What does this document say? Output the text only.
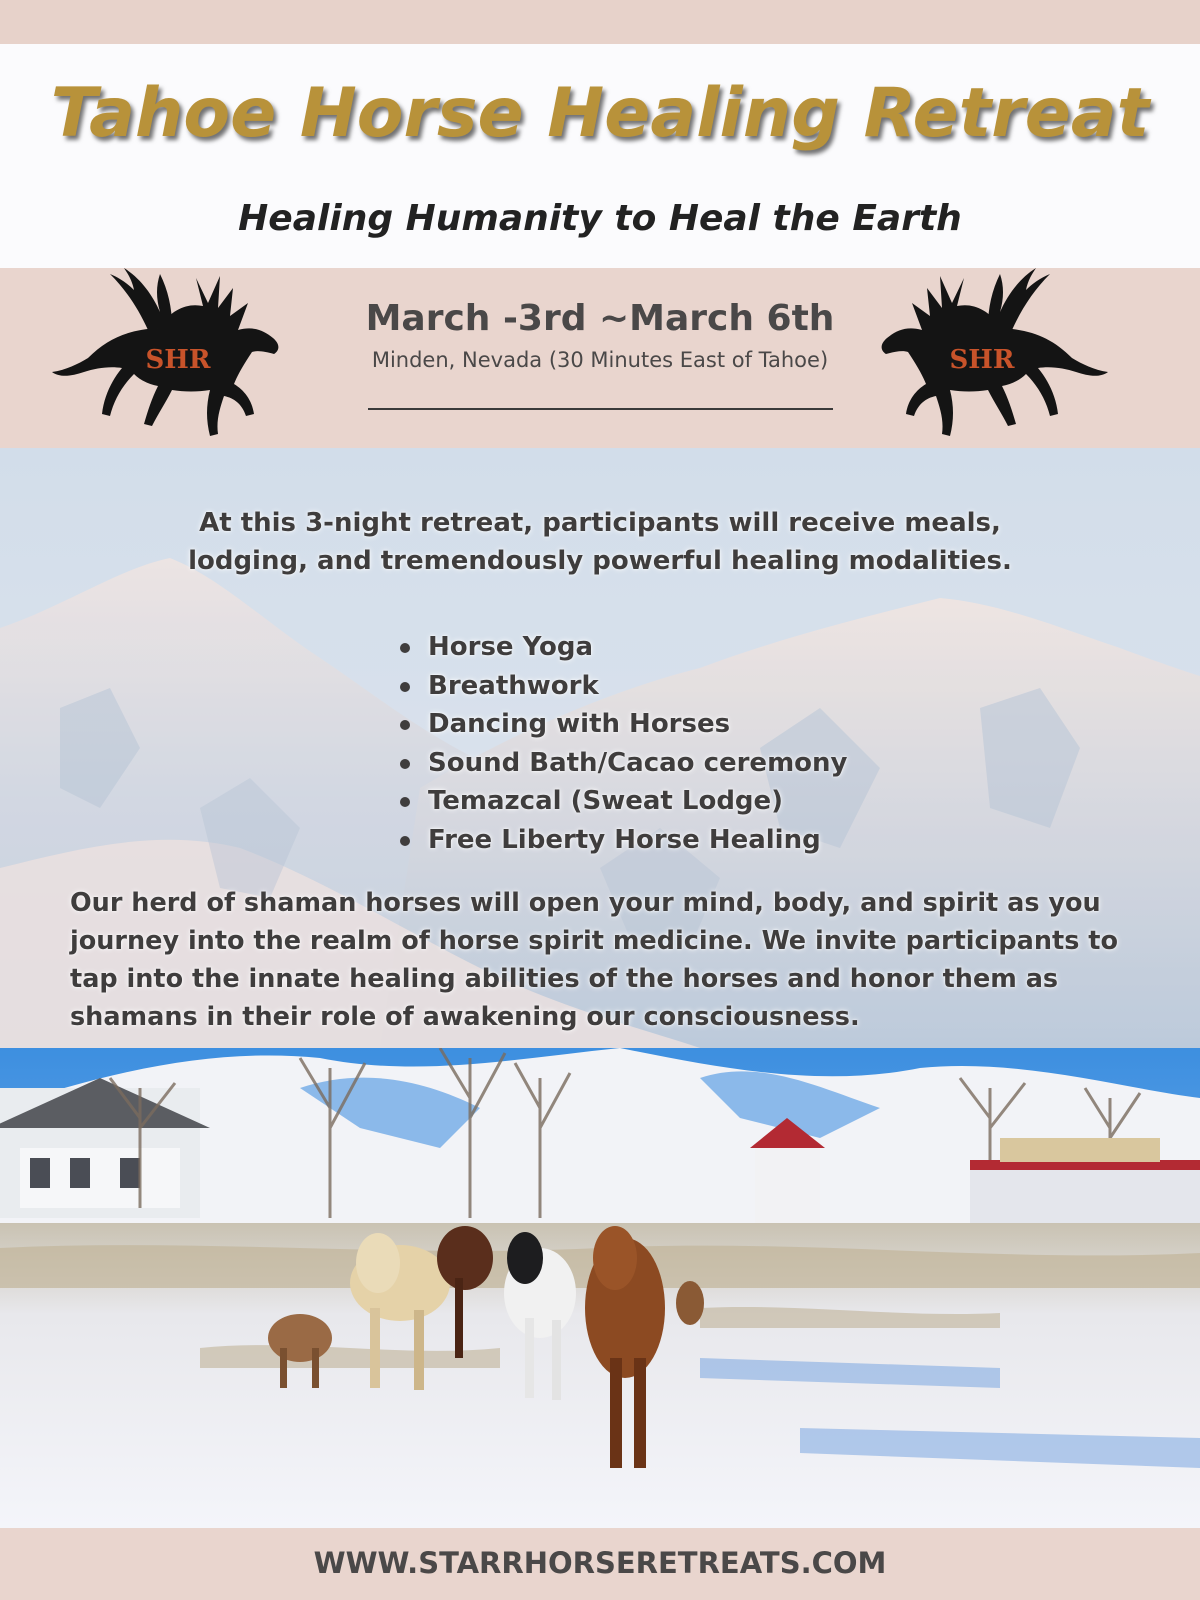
Tahoe Horse Healing Retreat
Healing Humanity to Heal the Earth
SHR
March -3rd ~March 6th
Minden, Nevada (30 Minutes East of Tahoe)	SHR
At this 3-night retreat, participants will receive meals, lodging, and tremendously powerful healing modalities.
Horse Yoga
Breathwork
Dancing with Horses
Sound Bath/Cacao ceremony
Temazcal (Sweat Lodge)
Free Liberty Horse Healing
Our herd of shaman horses will open your mind, body, and spirit as you journey into the realm of horse spirit medicine. We invite participants to tap into the innate healing abilities of the horses and honor them as shamans in their role of awakening our consciousness.
WWW.STARRHORSERETREATS.COM
